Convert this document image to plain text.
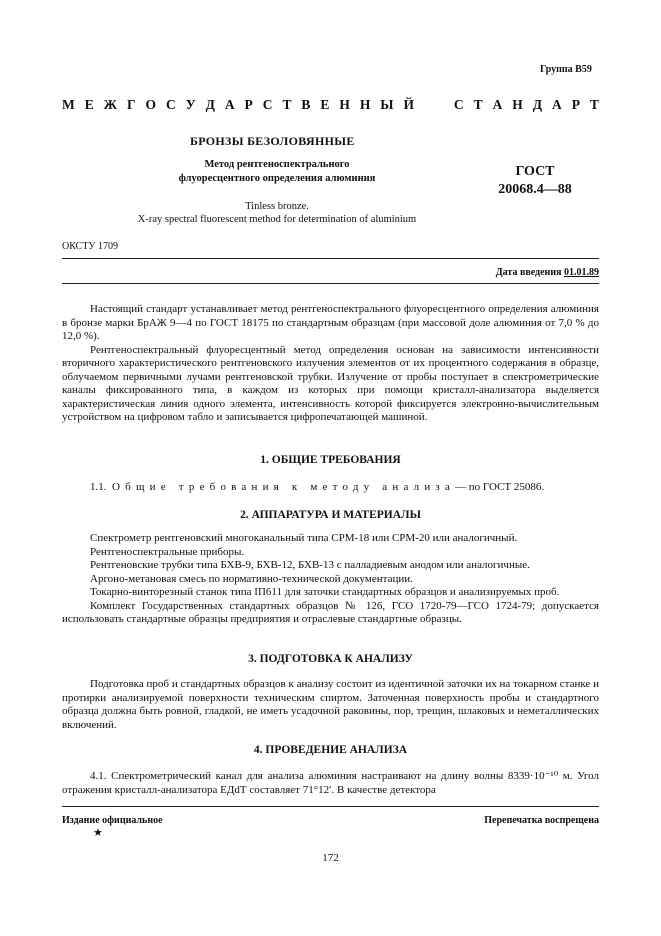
Группа В59
М Е Ж Г О С У Д А Р С Т В Е Н Н Ы Й	С Т А Н Д А Р Т
БРОНЗЫ БЕЗОЛОВЯННЫЕ
Метод рентгеноспектрального
флуоресцентного определения алюминия	ГОСТ
20068.4—88
Tinless bronze.
X-ray spectral fluorescent method for determination of aluminium
ОКСТУ 1709
Дата введения 01.01.89

Настоящий стандарт устанавливает метод рентгеноспектрального флуоресцентного определения алюминия в бронзе марки БрАЖ 9—4 по ГОСТ 18175 по стандартным образцам (при массовой доле алюминия от 7,0 % до 12,0 %).

Рентгеноспектральный флуоресцентный метод определения основан на зависимости интенсивности вторичного характеристического рентгеновского излучения элементов от их процентного содержания в образце, облучаемом первичными лучами рентгеновской трубки. Излучение от пробы поступает в спектрометрические каналы фиксированного типа, в каждом из которых при помощи кристалл-анализатора выделяется характеристическая линия одного элемента, интенсивность которой фиксируется электронно-вычислительным устройством на цифровом табло и записывается цифропечатающей машиной.

1. ОБЩИЕ ТРЕБОВАНИЯ

1.1. Общие требования к методу анализа— по ГОСТ 25086.

2. АППАРАТУРА И МАТЕРИАЛЫ

Спектрометр рентгеновский многоканальный типа СРМ-18 или СРМ-20 или аналогичный.

Рентгеноспектральные приборы.

Рентгеновские трубки типа БХВ-9, БХВ-12, БХВ-13 с палладиевым анодом или аналогичные.

Аргоно-метановая смесь по нормативно-технической документации.

Токарно-винторезный станок типа ІП611 для заточки стандартных образцов и анализируемых проб.

Комплект Государственных стандартных образцов № 126, ГСО 1720-79—ГСО 1724-79; допускается использовать стандартные образцы предприятия и отраслевые стандартные образцы.

3. ПОДГОТОВКА К АНАЛИЗУ

Подготовка проб и стандартных образцов к анализу состоит из идентичной заточки их на токарном станке и протирки анализируемой поверхности техническим спиртом. Заточенная поверхность пробы и стандартного образца должна быть ровной, гладкой, не иметь усадочной раковины, пор, трещин, шлаковых и неметаллических включений.

4. ПРОВЕДЕНИЕ АНАЛИЗА

4.1. Спектрометрический канал для анализа алюминия настраивают на длину волны 8339·10⁻¹⁰ м. Угол отражения кристалл-анализатора ЕДdТ составляет 71°12′. В качестве детектора

Издание официальное
★
Перепечатка воспрещена
172
